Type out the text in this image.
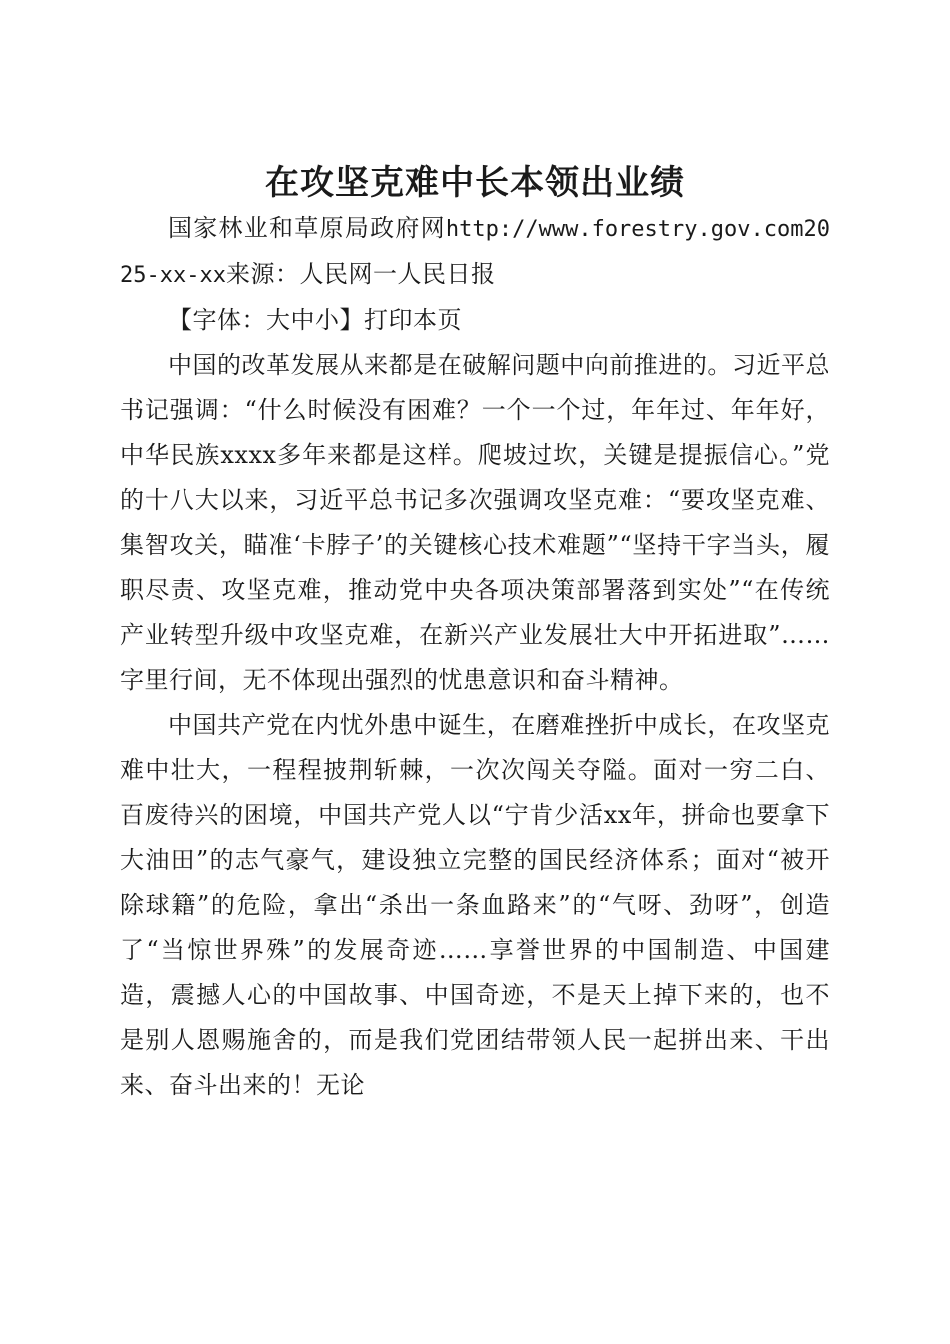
在攻坚克难中长本领出业绩

国家林业和草原局政府网http://www.forestry.gov.com2025-xx-xx来源：人民网一人民日报

【字体：大中小】打印本页

中国的改革发展从来都是在破解问题中向前推进的。习近平总书记强调：“什么时候没有困难？一个一个过，年年过、年年好，中华民族xxxx多年来都是这样。爬坡过坎，关键是提振信心。”党的十八大以来，习近平总书记多次强调攻坚克难：“要攻坚克难、集智攻关，瞄准‘卡脖子’的关键核心技术难题”“坚持干字当头，履职尽责、攻坚克难，推动党中央各项决策部署落到实处”“在传统产业转型升级中攻坚克难，在新兴产业发展壮大中开拓进取”……字里行间，无不体现出强烈的忧患意识和奋斗精神。

中国共产党在内忧外患中诞生，在磨难挫折中成长，在攻坚克难中壮大，一程程披荆斩棘，一次次闯关夺隘。面对一穷二白、百废待兴的困境，中国共产党人以“宁肯少活xx年，拼命也要拿下大油田”的志气豪气，建设独立完整的国民经济体系；面对“被开除球籍”的危险，拿出“杀出一条血路来”的“气呀、劲呀”，创造了“当惊世界殊”的发展奇迹……享誉世界的中国制造、中国建造，震撼人心的中国故事、中国奇迹，不是天上掉下来的，也不是别人恩赐施舍的，而是我们党团结带领人民一起拼出来、干出来、奋斗出来的！无论
